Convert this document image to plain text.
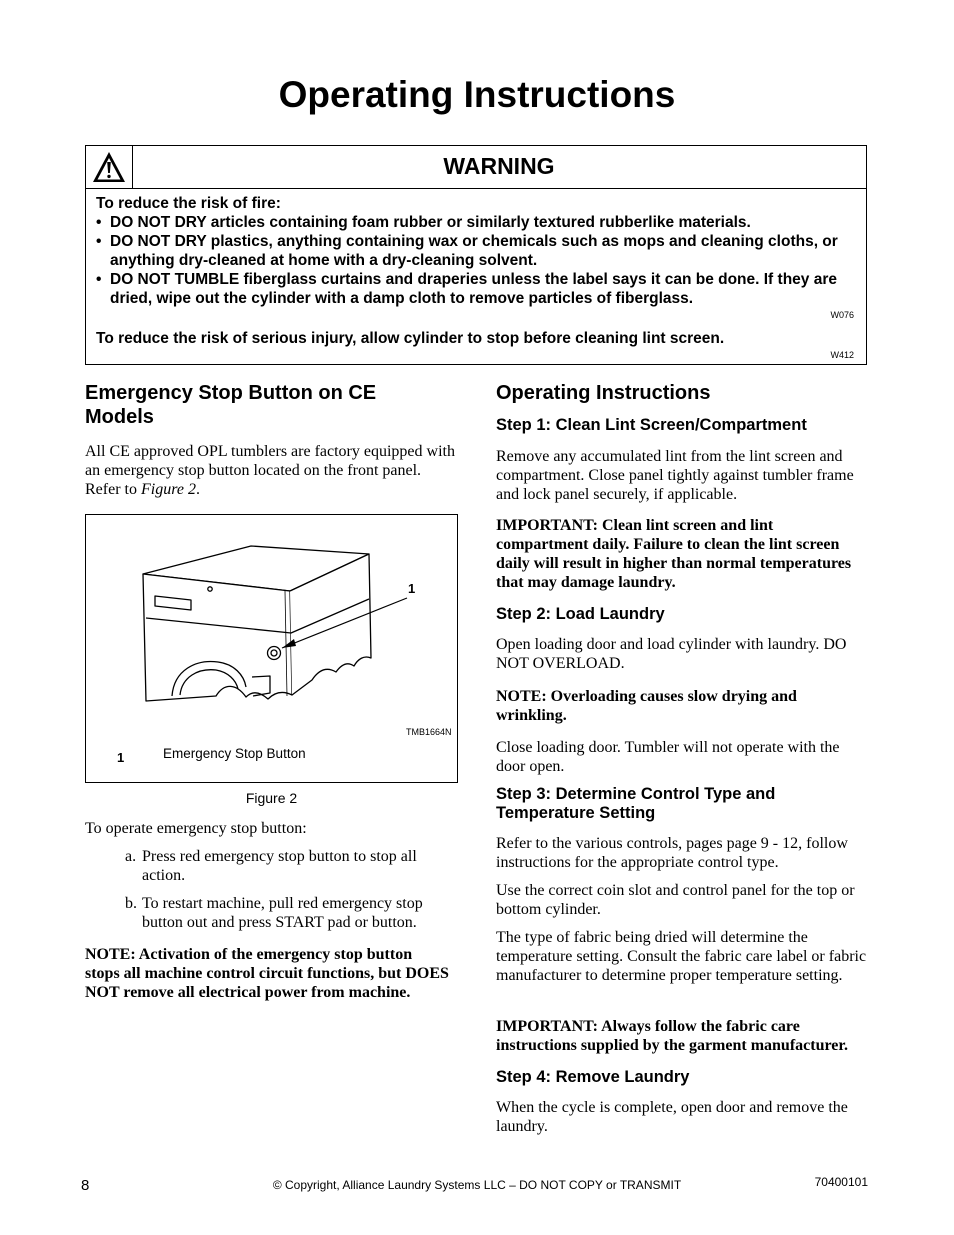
Operating Instructions
WARNING
To reduce the risk of fire:
• DO NOT DRY articles containing foam rubber or similarly textured rubberlike materials.
• DO NOT DRY plastics, anything containing wax or chemicals such as mops and cleaning cloths, or anything dry-cleaned at home with a dry-cleaning solvent.
• DO NOT TUMBLE fiberglass curtains and draperies unless the label says it can be done. If they are dried, wipe out the cylinder with a damp cloth to remove particles of fiberglass.
W076
To reduce the risk of serious injury, allow cylinder to stop before cleaning lint screen.
W412
Emergency Stop Button on CE Models
All CE approved OPL tumblers are factory equipped with an emergency stop button located on the front panel. Refer to Figure 2.
1
TMB1664N
1	Emergency Stop Button
Figure 2
To operate emergency stop button:
a. Press red emergency stop button to stop all action.
b. To restart machine, pull red emergency stop button out and press START pad or button.
NOTE: Activation of the emergency stop button stops all machine control circuit functions, but DOES NOT remove all electrical power from machine.
Operating Instructions
Step 1: Clean Lint Screen/Compartment
Remove any accumulated lint from the lint screen and compartment. Close panel tightly against tumbler frame and lock panel securely, if applicable.
IMPORTANT: Clean lint screen and lint compartment daily. Failure to clean the lint screen daily will result in higher than normal temperatures that may damage laundry.
Step 2: Load Laundry
Open loading door and load cylinder with laundry. DO NOT OVERLOAD.
NOTE: Overloading causes slow drying and wrinkling.
Close loading door. Tumbler will not operate with the door open.
Step 3: Determine Control Type and Temperature Setting
Refer to the various controls, pages page 9 - 12, follow instructions for the appropriate control type.
Use the correct coin slot and control panel for the top or bottom cylinder.
The type of fabric being dried will determine the temperature setting. Consult the fabric care label or fabric manufacturer to determine proper temperature setting.
IMPORTANT: Always follow the fabric care instructions supplied by the garment manufacturer.
Step 4: Remove Laundry
When the cycle is complete, open door and remove the laundry.
8	© Copyright, Alliance Laundry Systems LLC – DO NOT COPY or TRANSMIT	70400101
